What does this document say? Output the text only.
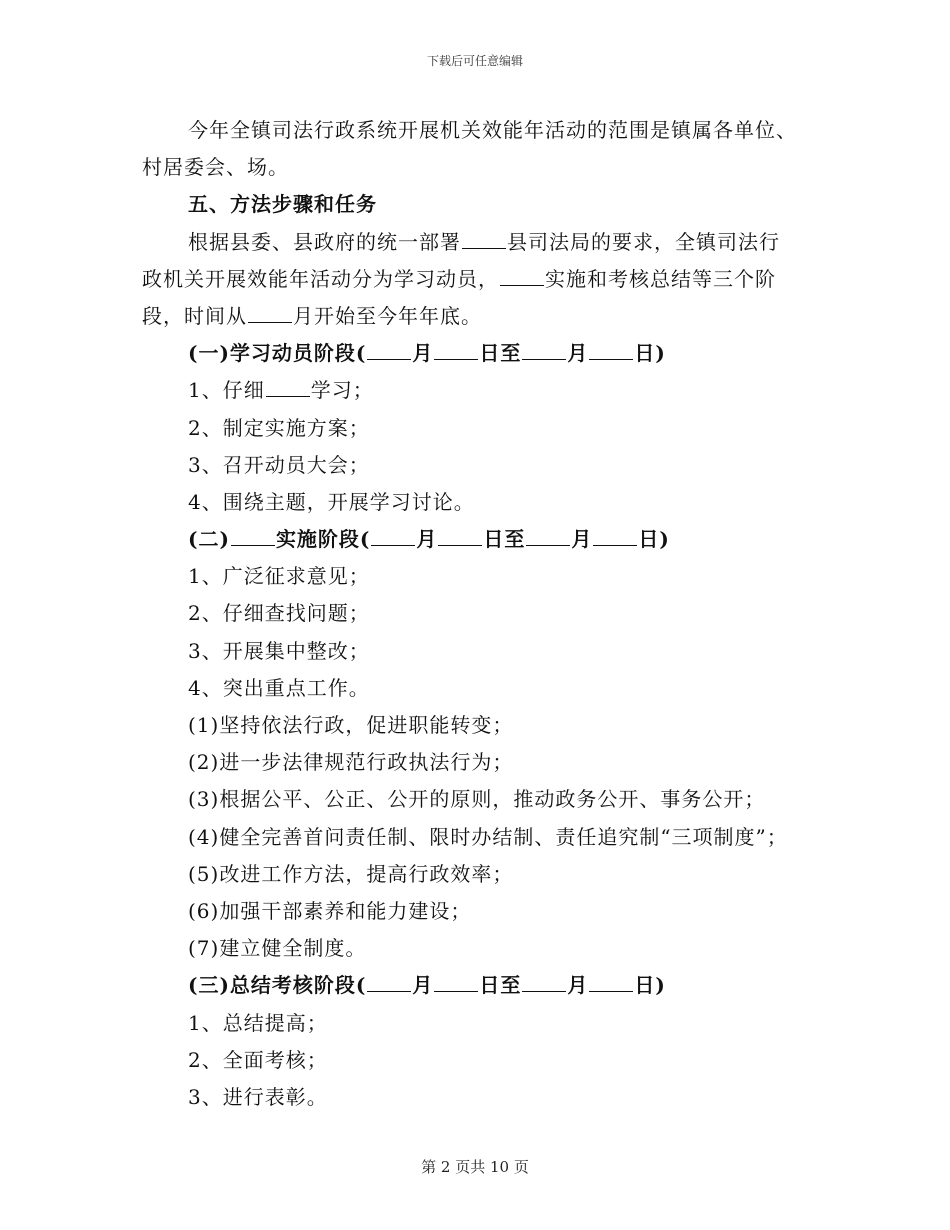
下载后可任意编辑
今年全镇司法行政系统开展机关效能年活动的范围是镇属各单位、
村居委会、场。
五、方法步骤和任务
根据县委、县政府的统一部署 县司法局的要求，全镇司法行
政机关开展效能年活动分为学习动员， 实施和考核总结等三个阶
段，时间从 月开始至今年年底。
(一)学习动员阶段( 月 日至 月 日)
1、仔细 学习；
2、制定实施方案；
3、召开动员大会；
4、围绕主题，开展学习讨论。
(二) 实施阶段( 月 日至 月 日)
1、广泛征求意见；
2、仔细查找问题；
3、开展集中整改；
4、突出重点工作。
(1)坚持依法行政，促进职能转变；
(2)进一步法律规范行政执法行为；
(3)根据公平、公正、公开的原则，推动政务公开、事务公开；
(4)健全完善首问责任制、限时办结制、责任追究制“三项制度”；
(5)改进工作方法，提高行政效率；
(6)加强干部素养和能力建设；
(7)建立健全制度。
(三)总结考核阶段( 月 日至 月 日)
1、总结提高；
2、全面考核；
3、进行表彰。
第 2 页共 10 页
